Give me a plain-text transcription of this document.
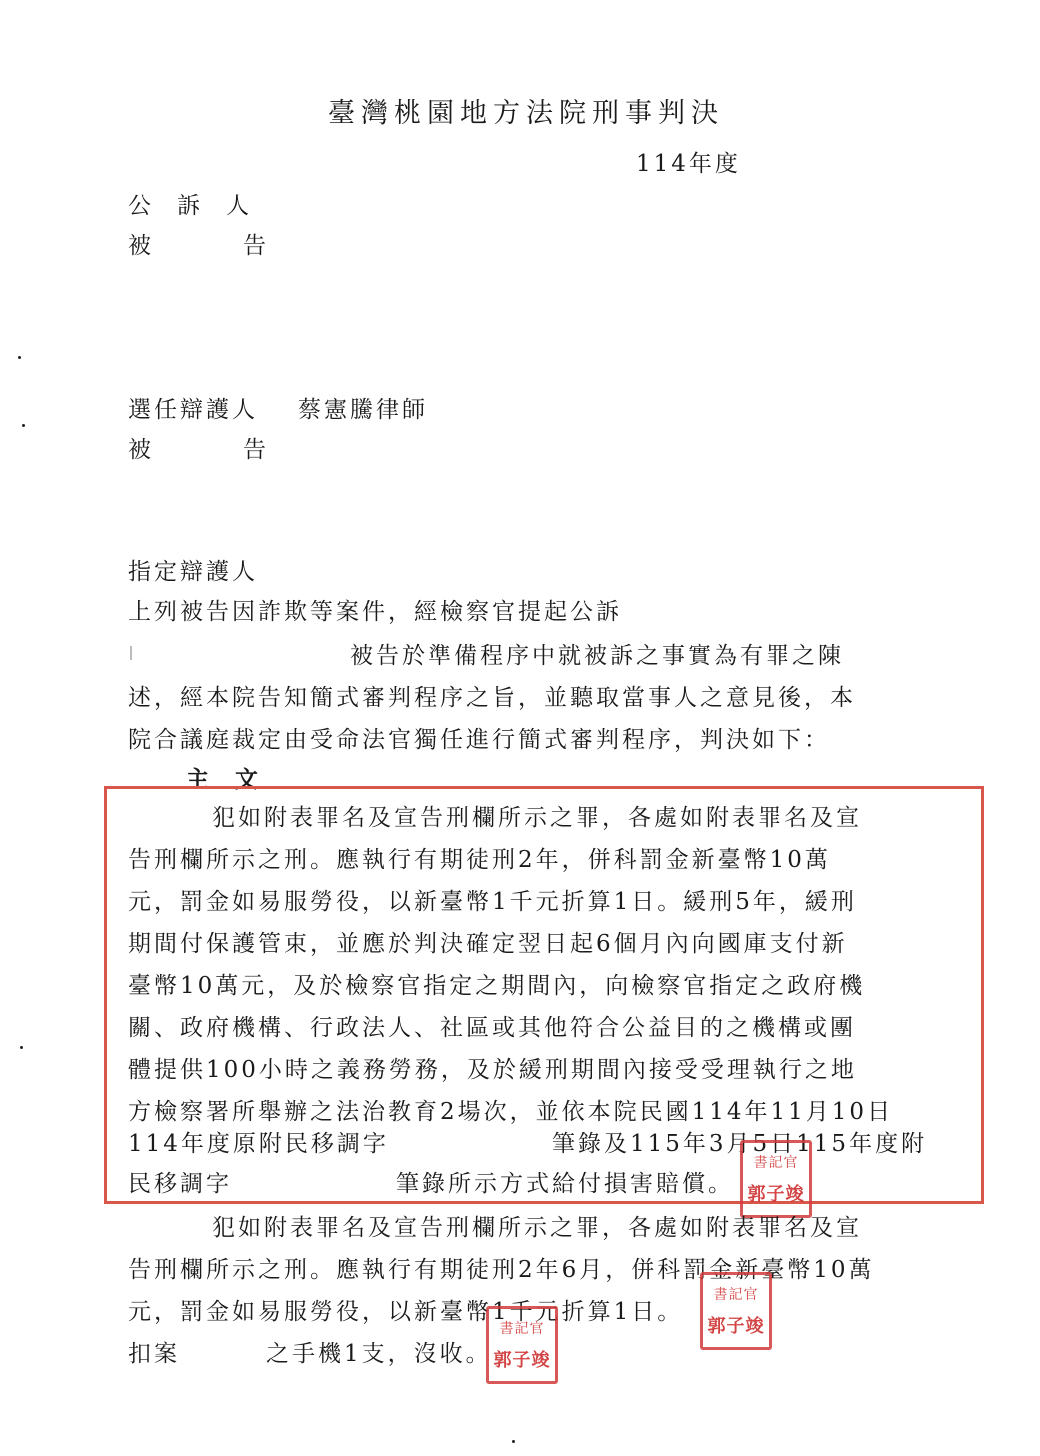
臺灣桃園地方法院刑事判決
114年度
公訴人
被告
選任辯護人 蔡憲騰律師
被告
指定辯護人
上列被告因詐欺等案件，經檢察官提起公訴
被告於準備程序中就被訴之事實為有罪之陳
述，經本院告知簡式審判程序之旨，並聽取當事人之意見後，本
院合議庭裁定由受命法官獨任進行簡式審判程序，判決如下：
主文
犯如附表罪名及宣告刑欄所示之罪，各處如附表罪名及宣
告刑欄所示之刑。應執行有期徒刑2年，併科罰金新臺幣10萬
元，罰金如易服勞役，以新臺幣1千元折算1日。緩刑5年，緩刑
期間付保護管束，並應於判決確定翌日起6個月內向國庫支付新
臺幣10萬元，及於檢察官指定之期間內，向檢察官指定之政府機
關、政府機構、行政法人、社區或其他符合公益目的之機構或團
體提供100小時之義務勞務，及於緩刑期間內接受受理執行之地
方檢察署所舉辦之法治教育2場次，並依本院民國114年11月10日
114年度原附民移調字	筆錄及115年3月5日115年度附
民移調字	筆錄所示方式給付損害賠償。
書記官
郭子竣
犯如附表罪名及宣告刑欄所示之罪，各處如附表罪名及宣
告刑欄所示之刑。應執行有期徒刑2年6月，併科罰金新臺幣10萬
元，罰金如易服勞役，以新臺幣1千元折算1日。
扣案	之手機1支，沒收。
書記官
郭子竣
書記官
郭子竣
